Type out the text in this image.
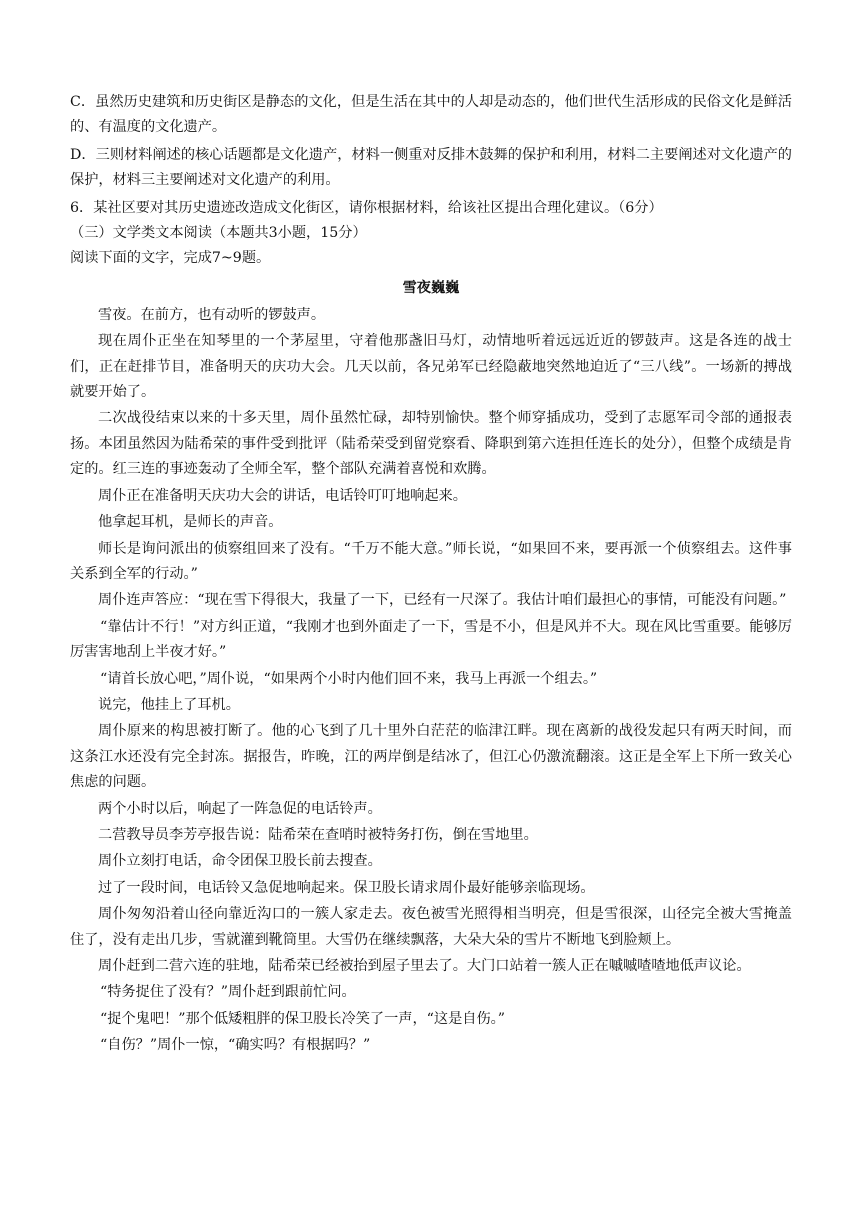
C．虽然历史建筑和历史街区是静态的文化，但是生活在其中的人却是动态的，他们世代生活形成的民俗文化是鲜活的、有温度的文化遗产。

D．三则材料阐述的核心话题都是文化遗产，材料一侧重对反排木鼓舞的保护和利用，材料二主要阐述对文化遗产的保护，材料三主要阐述对文化遗产的利用。

6．某社区要对其历史遗迹改造成文化街区，请你根据材料，给该社区提出合理化建议。（6分）

（三）文学类文本阅读（本题共3小题，15分）

阅读下面的文字，完成7~9题。

雪夜巍巍

雪夜。在前方，也有动听的锣鼓声。

现在周仆正坐在知琴里的一个茅屋里，守着他那盏旧马灯，动情地听着远远近近的锣鼓声。这是各连的战士们，正在赶排节目，准备明天的庆功大会。几天以前，各兄弟军已经隐蔽地突然地迫近了“三八线”。一场新的搏战就要开始了。

二次战役结束以来的十多天里，周仆虽然忙碌，却特别愉快。整个师穿插成功，受到了志愿军司令部的通报表扬。本团虽然因为陆希荣的事件受到批评（陆希荣受到留党察看、降职到第六连担任连长的处分），但整个成绩是肯定的。红三连的事迹轰动了全师全军，整个部队充满着喜悦和欢腾。

周仆正在准备明天庆功大会的讲话，电话铃叮叮地响起来。

他拿起耳机，是师长的声音。

师长是询问派出的侦察组回来了没有。“千万不能大意。”师长说，“如果回不来，要再派一个侦察组去。这件事关系到全军的行动。”

周仆连声答应：“现在雪下得很大，我量了一下，已经有一尺深了。我估计咱们最担心的事情，可能没有问题。”

“靠估计不行！”对方纠正道，“我刚才也到外面走了一下，雪是不小，但是风并不大。现在风比雪重要。能够厉厉害害地刮上半夜才好。”

“请首长放心吧，”周仆说，“如果两个小时内他们回不来，我马上再派一个组去。”

说完，他挂上了耳机。

周仆原来的构思被打断了。他的心飞到了几十里外白茫茫的临津江畔。现在离新的战役发起只有两天时间，而这条江水还没有完全封冻。据报告，昨晚，江的两岸倒是结冰了，但江心仍激流翻滚。这正是全军上下所一致关心焦虑的问题。

两个小时以后，响起了一阵急促的电话铃声。

二营教导员李芳亭报告说：陆希荣在查哨时被特务打伤，倒在雪地里。

周仆立刻打电话，命令团保卫股长前去搜查。

过了一段时间，电话铃又急促地响起来。保卫股长请求周仆最好能够亲临现场。

周仆匆匆沿着山径向靠近沟口的一簇人家走去。夜色被雪光照得相当明亮，但是雪很深，山径完全被大雪掩盖住了，没有走出几步，雪就灌到靴筒里。大雪仍在继续飘落，大朵大朵的雪片不断地飞到脸颊上。

周仆赶到二营六连的驻地，陆希荣已经被抬到屋子里去了。大门口站着一簇人正在嘁嘁喳喳地低声议论。

“特务捉住了没有？”周仆赶到跟前忙问。

“捉个鬼吧！”那个低矮粗胖的保卫股长冷笑了一声，“这是自伤。”

“自伤？”周仆一惊，“确实吗？有根据吗？”
